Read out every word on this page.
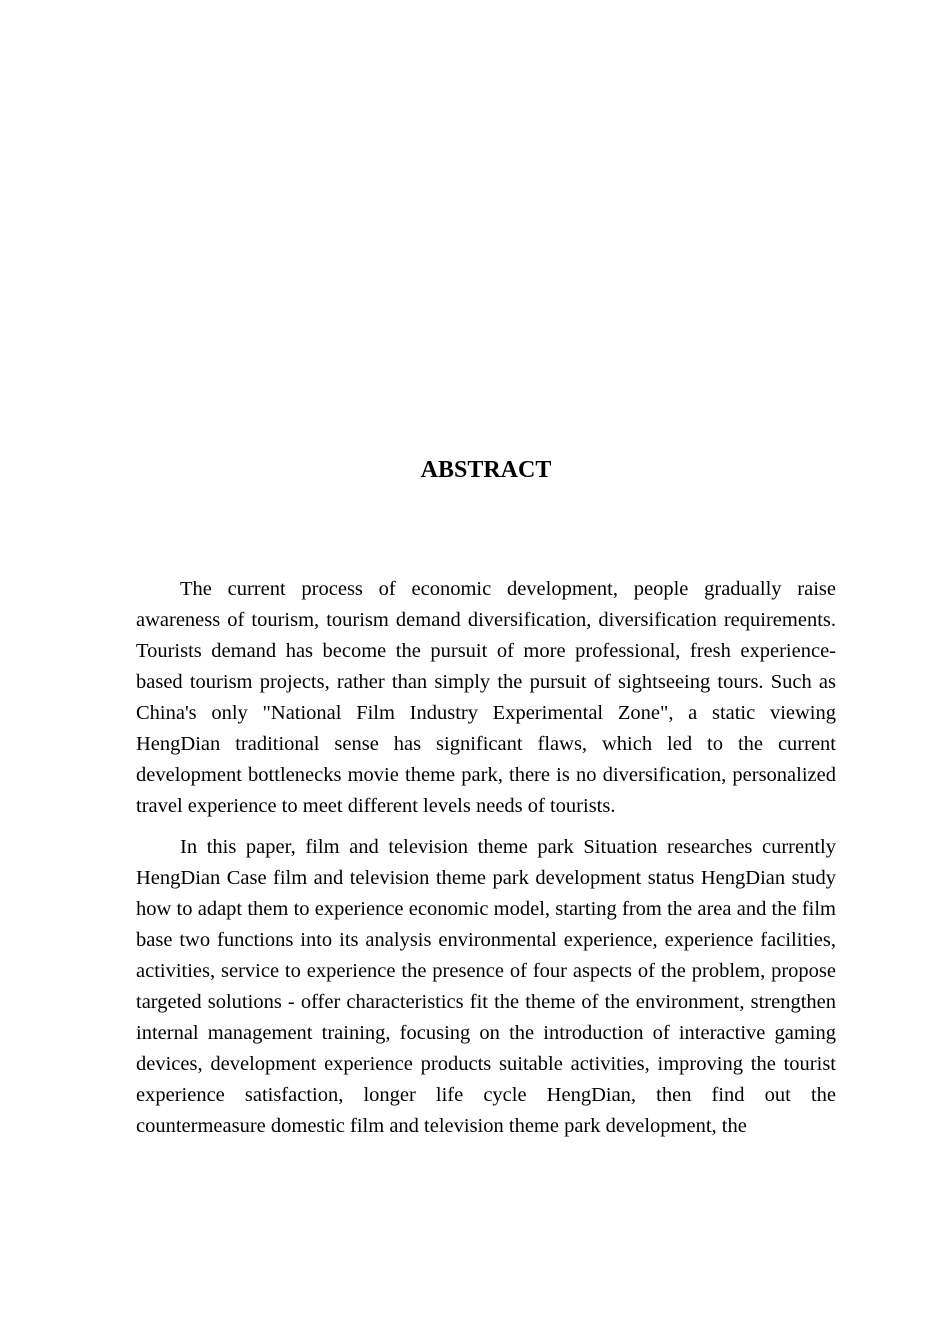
ABSTRACT

The current process of economic development, people gradually raise awareness of tourism, tourism demand diversification, diversification requirements. Tourists demand has become the pursuit of more professional, fresh experience-based tourism projects, rather than simply the pursuit of sightseeing tours. Such as China's only "National Film Industry Experimental Zone", a static viewing HengDian traditional sense has significant flaws, which led to the current development bottlenecks movie theme park, there is no diversification, personalized travel experience to meet different levels needs of tourists.

In this paper, film and television theme park Situation researches currently HengDian Case film and television theme park development status HengDian study how to adapt them to experience economic model, starting from the area and the film base two functions into its analysis environmental experience, experience facilities, activities, service to experience the presence of four aspects of the problem, propose targeted solutions - offer characteristics fit the theme of the environment, strengthen internal management training, focusing on the introduction of interactive gaming devices, development experience products suitable activities, improving the tourist experience satisfaction, longer life cycle HengDian, then find out the countermeasure domestic film and television theme park development, the
